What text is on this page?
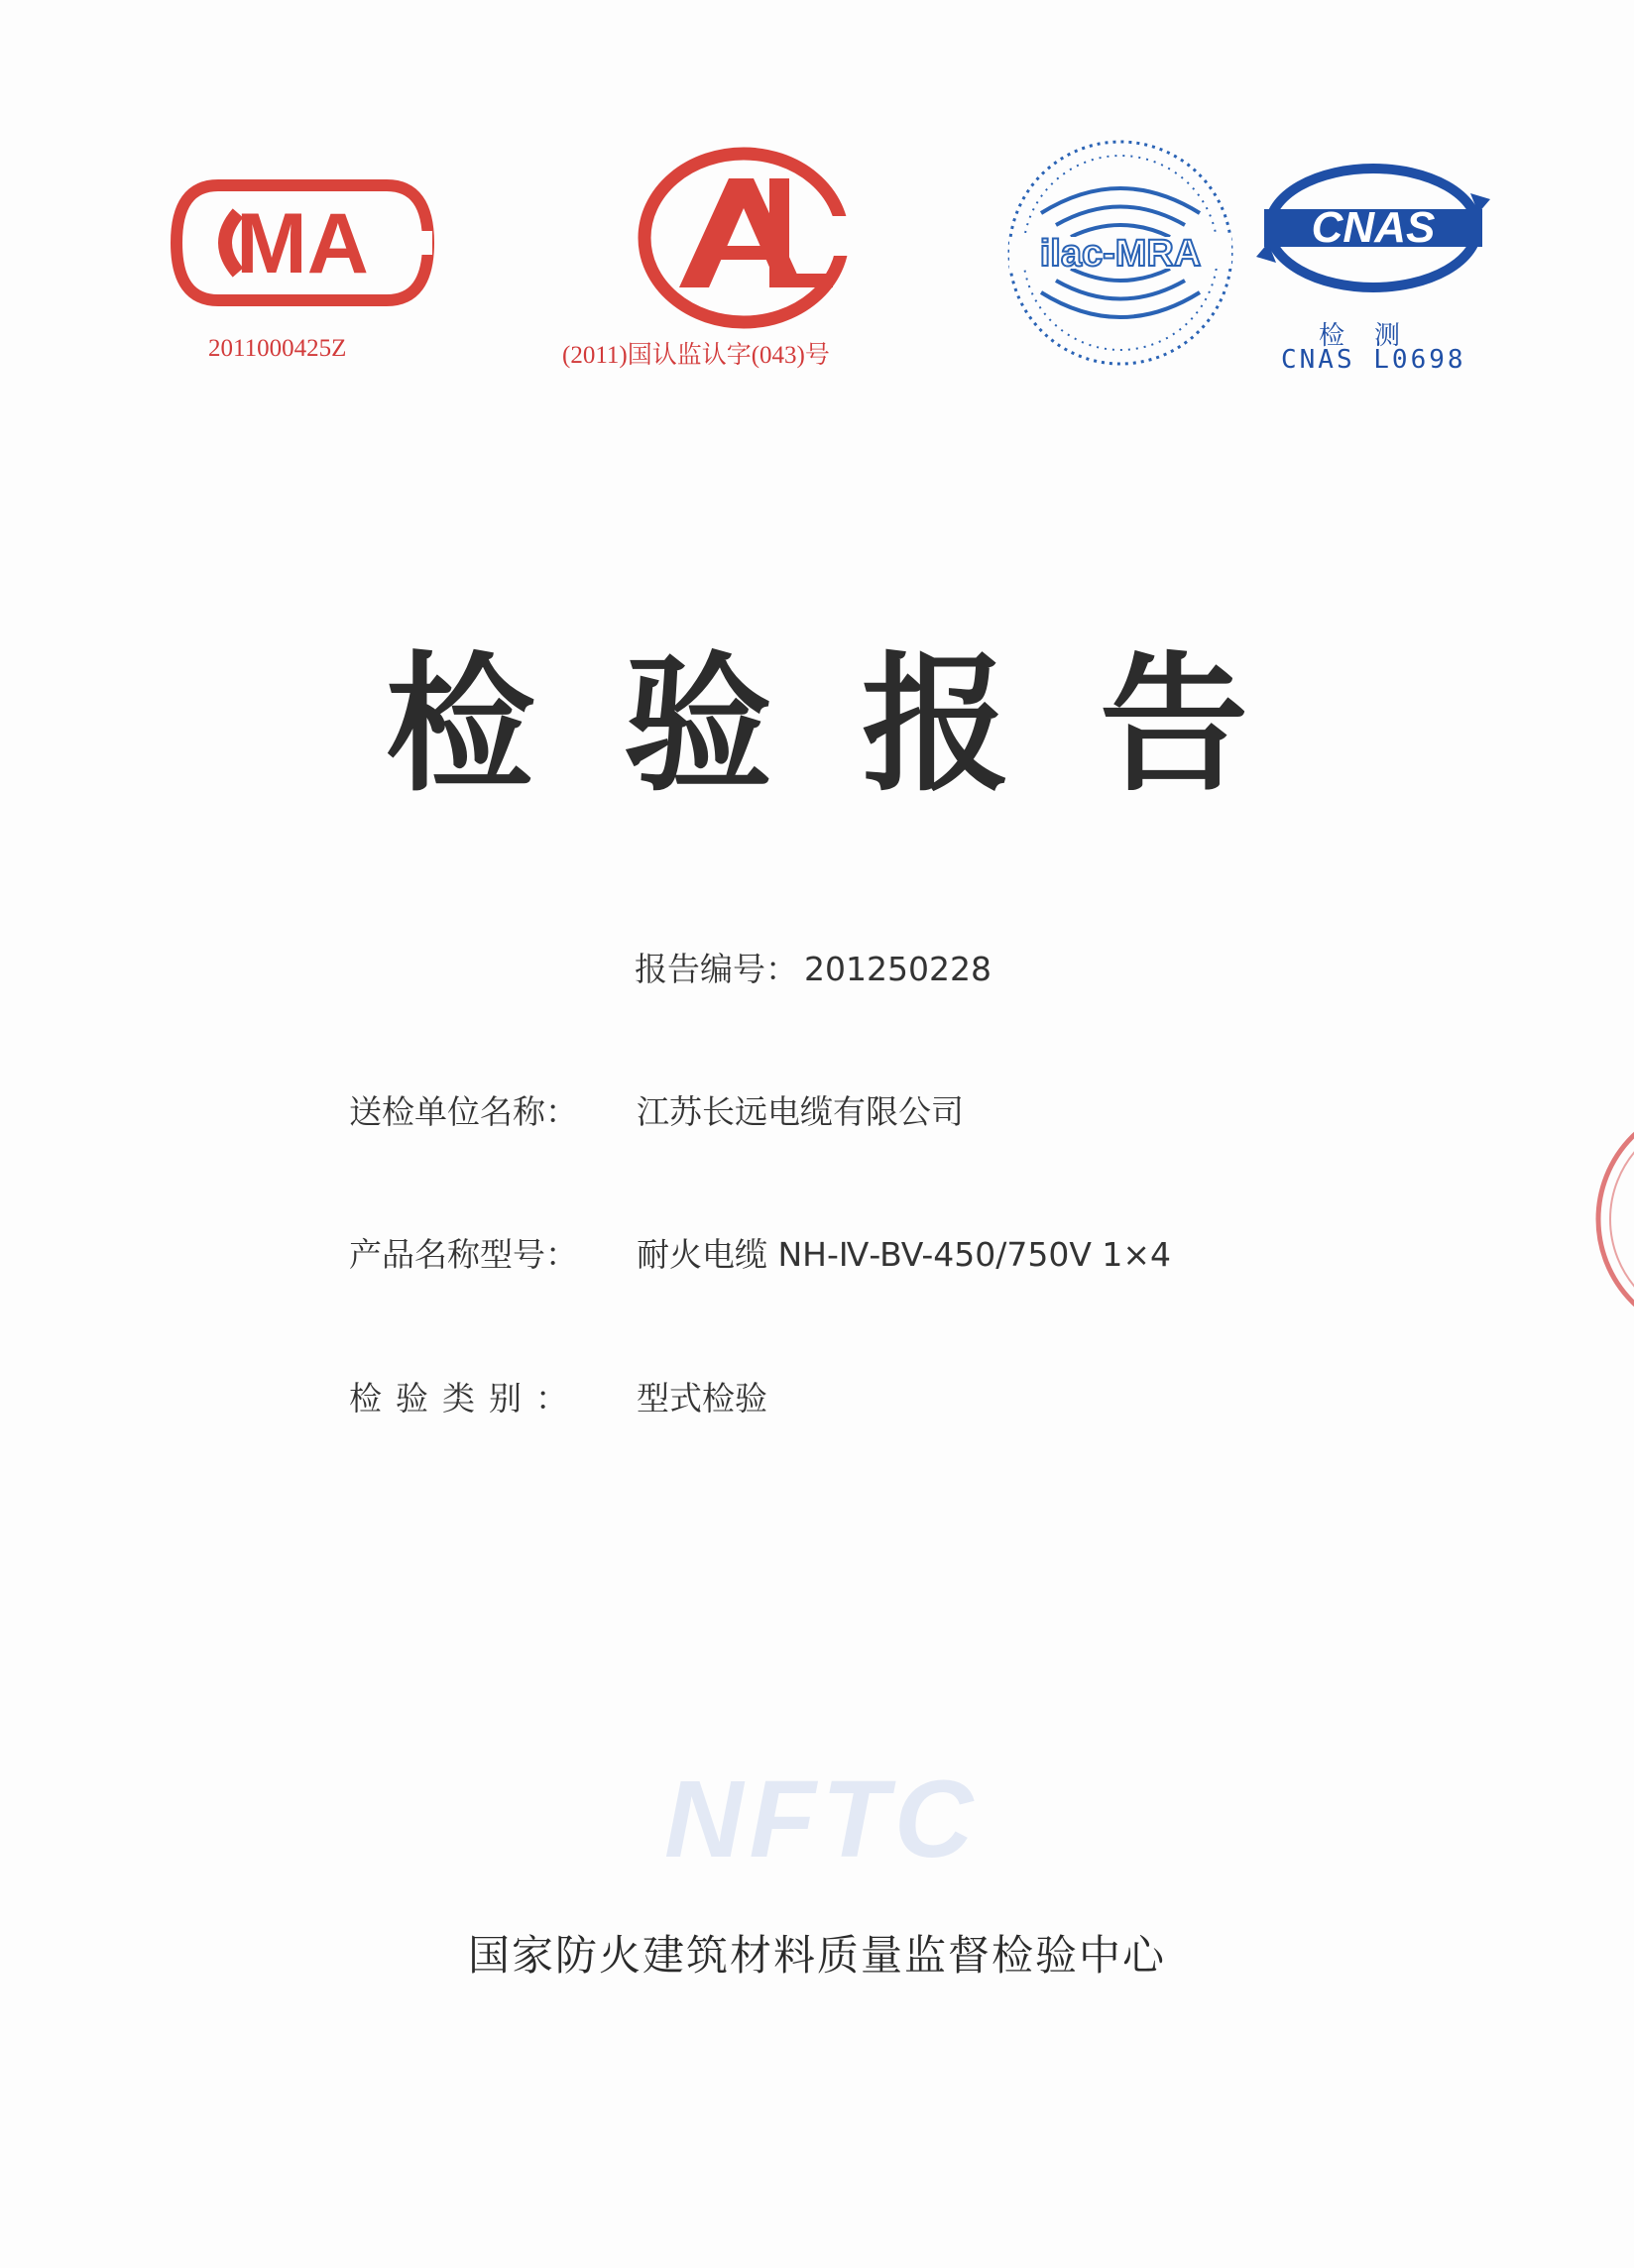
MA
2011000425Z	(2011)国认监认字(043)号
ilac-MRA
CNAS
检测
CNAS L0698
检验报告
报告编号： 201250228
送检单位名称： 江苏长远电缆有限公司
产品名称型号： 耐火电缆 NH-Ⅳ-BV-450/750V 1×4
检验类别： 型式检验
NFTC
国家防火建筑材料质量监督检验中心
